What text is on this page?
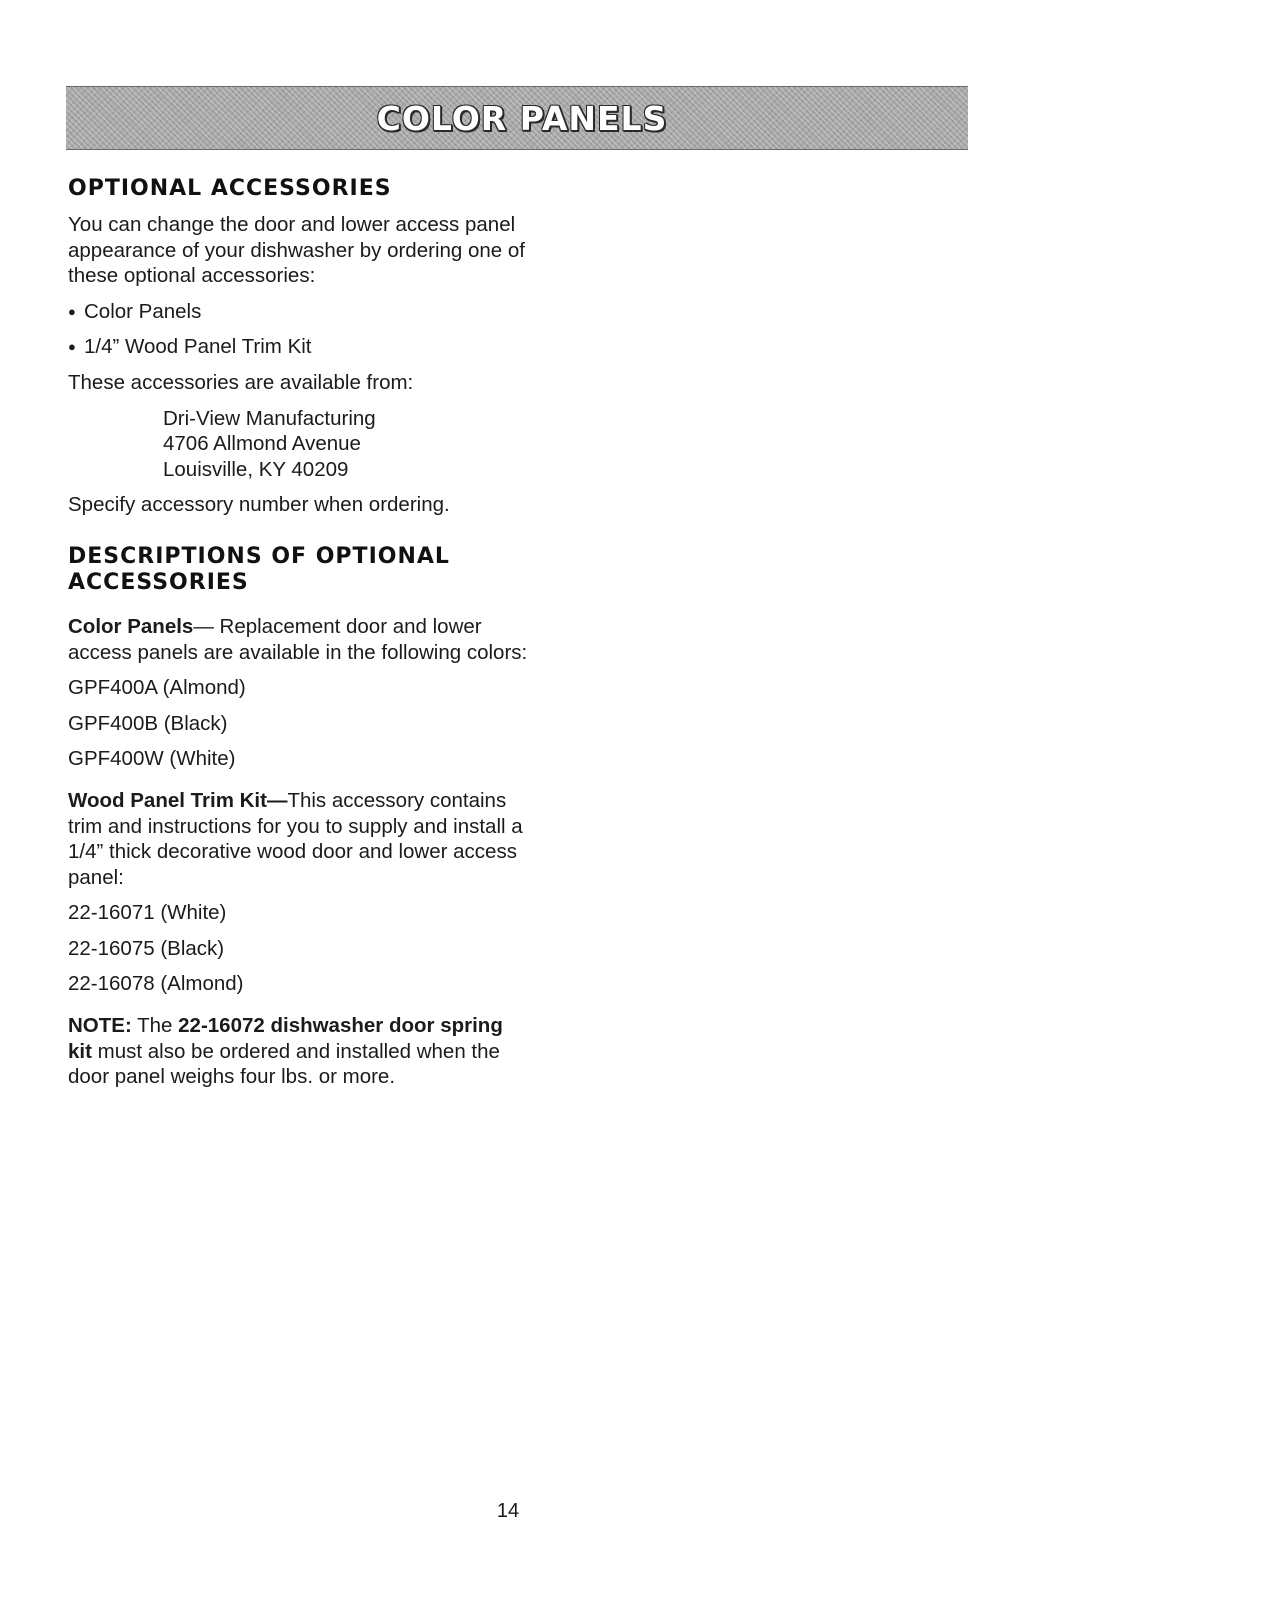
COLOR PANELS
OPTIONAL ACCESSORIES

You can change the door and lower access panel appearance of your dishwasher by ordering one of these optional accessories:

● Color Panels
● 1/4” Wood Panel Trim Kit

These accessories are available from:

Dri-View Manufacturing
4706 Allmond Avenue
Louisville, KY 40209

Specify accessory number when ordering.

DESCRIPTIONS OF OPTIONAL ACCESSORIES

Color Panels— Replacement door and lower access panels are available in the following colors:

GPF400A (Almond)
GPF400B (Black)
GPF400W (White)

Wood Panel Trim Kit—This accessory contains trim and instructions for you to supply and install a 1/4” thick decorative wood door and lower access panel:

22-16071 (White)
22-16075 (Black)
22-16078 (Almond)

NOTE: The 22-16072 dishwasher door spring kit must also be ordered and installed when the door panel weighs four lbs. or more.

14
